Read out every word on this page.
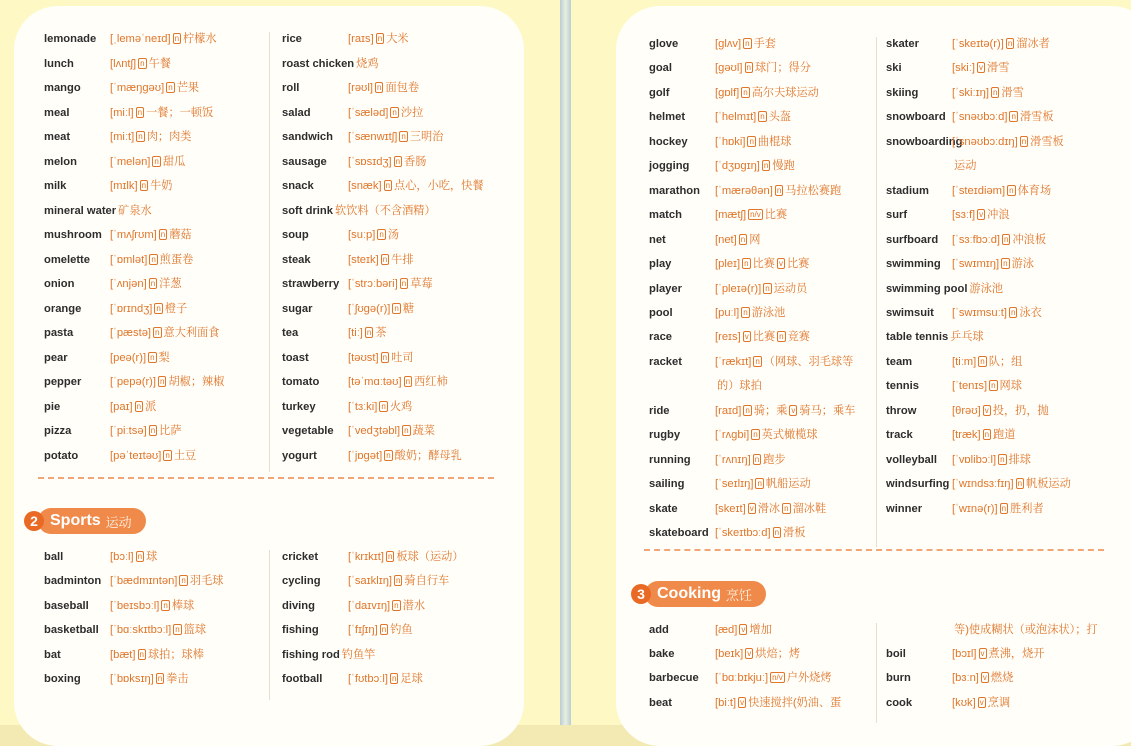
lemonade [ˌleməˈneɪd] n 柠檬水
lunch	[lʌntʃ] n 午餐
mango	[ˈmæŋgəʊ] n 芒果
meal	[miːl] n 一餐；一顿饭
meat	[miːt] n 肉；肉类
melon	[ˈmelən] n 甜瓜
milk	[mɪlk] n 牛奶
mineral water 矿泉水
mushroom [ˈmʌʃrʊm] n 蘑菇
omelette [ˈɒmlət] n 煎蛋卷
onion	[ˈʌnjən] n 洋葱
orange	[ˈɒrɪndʒ] n 橙子
pasta	[ˈpæstə] n 意大利面食
pear	[peə(r)] n 梨
pepper	[ˈpepə(r)] n 胡椒；辣椒
pie	[paɪ] n 派
pizza	[ˈpiːtsə] n 比萨
potato	[pəˈteɪtəʊ] n 土豆
rice	[raɪs] n 大米
roast chicken 烧鸡
roll	[rəʊl] n 面包卷
salad	[ˈsæləd] n 沙拉
sandwich [ˈsænwɪtʃ] n 三明治
sausage [ˈsɒsɪdʒ] n 香肠
snack	[snæk] n 点心，小吃，快餐
soft drink 软饮料（不含酒精）
soup	[suːp] n 汤
steak	[steɪk] n 牛排
strawberry [ˈstrɔːbəri] n 草莓
sugar	[ˈʃʊgə(r)] n 糖
tea	[tiː] n 茶
toast	[təʊst] n 吐司
tomato	[təˈmɑːtəʊ] n 西红柿
turkey	[ˈtɜːki] n 火鸡
vegetable [ˈvedʒtəbl] n 蔬菜
yogurt	[ˈjɒgət] n 酸奶；酵母乳
2 Sports 运动
ball	[bɔːl] n 球
badminton [ˈbædmɪntən] n 羽毛球
baseball [ˈbeɪsbɔːl] n 棒球
basketball [ˈbɑːskɪtbɔːl] n 篮球
bat	[bæt] n 球拍；球棒
boxing	[ˈbɒksɪŋ] n 拳击
cricket	[ˈkrɪkɪt] n 板球（运动）
cycling [ˈsaɪklɪŋ] n 骑自行车
diving	[ˈdaɪvɪŋ] n 潜水
fishing	[ˈfɪʃɪŋ] n 钓鱼
fishing rod 钓鱼竿
football [ˈfʊtbɔːl] n 足球
glove	[glʌv] n 手套
goal	[gəʊl] n 球门；得分
golf	[gɒlf] n 高尔夫球运动
helmet	[ˈhelmɪt] n 头盔
hockey [ˈhɒki] n 曲棍球
jogging [ˈdʒɒgɪŋ] n 慢跑
marathon [ˈmærəθən] n 马拉松赛跑
match	[mætʃ] n/v 比赛
net	[net] n 网
play	[pleɪ] n 比赛 v 比赛
player	[ˈpleɪə(r)] n 运动员
pool	[puːl] n 游泳池
race	[reɪs] v 比赛 n 竞赛
racket	[ˈrækɪt] n （网球、羽毛球等
的）球拍
ride	[raɪd] n 骑；乘 v 骑马；乘车
rugby	[ˈrʌgbi] n 英式橄榄球
running [ˈrʌnɪŋ] n 跑步
sailing	[ˈseɪlɪŋ] n 帆船运动
skate	[skeɪt] v 滑冰 n 溜冰鞋
skateboard [ˈskeɪtbɔːd] n 滑板
skater	[ˈskeɪtə(r)] n 溜冰者
ski	[skiː] v 滑雪
skiing	[ˈskiːɪŋ] n 滑雪
snowboard [ˈsnəʊbɔːd] n 滑雪板
snowboarding[ˈsnəʊbɔːdɪŋ] n 滑雪板
运动
stadium [ˈsteɪdiəm] n 体育场
surf	[sɜːf] v 冲浪
surfboard [ˈsɜːfbɔːd] n 冲浪板
swimming [ˈswɪmɪŋ] n 游泳
swimming pool 游泳池
swimsuit [ˈswɪmsuːt] n 泳衣
table tennis 乒乓球
team	[tiːm] n 队；组
tennis	[ˈtenɪs] n 网球
throw	[θrəʊ] v 投，扔，抛
track	[træk] n 跑道
volleyball [ˈvɒlibɔːl] n 排球
windsurfing [ˈwɪndsɜːfɪŋ] n 帆板运动
winner	[ˈwɪnə(r)] n 胜利者
3 Cooking 烹饪
add	[æd] v 增加
bake	[beɪk] v 烘焙；烤
barbecue [ˈbɑːbɪkjuː] n/v 户外烧烤
beat	[biːt] v 快速搅拌(奶油、蛋
等)使成糊状（或泡沫状）；打
boil	[bɔɪl] v 煮沸，烧开
burn	[bɜːn] v 燃烧
cook	[kʊk] v 烹调
